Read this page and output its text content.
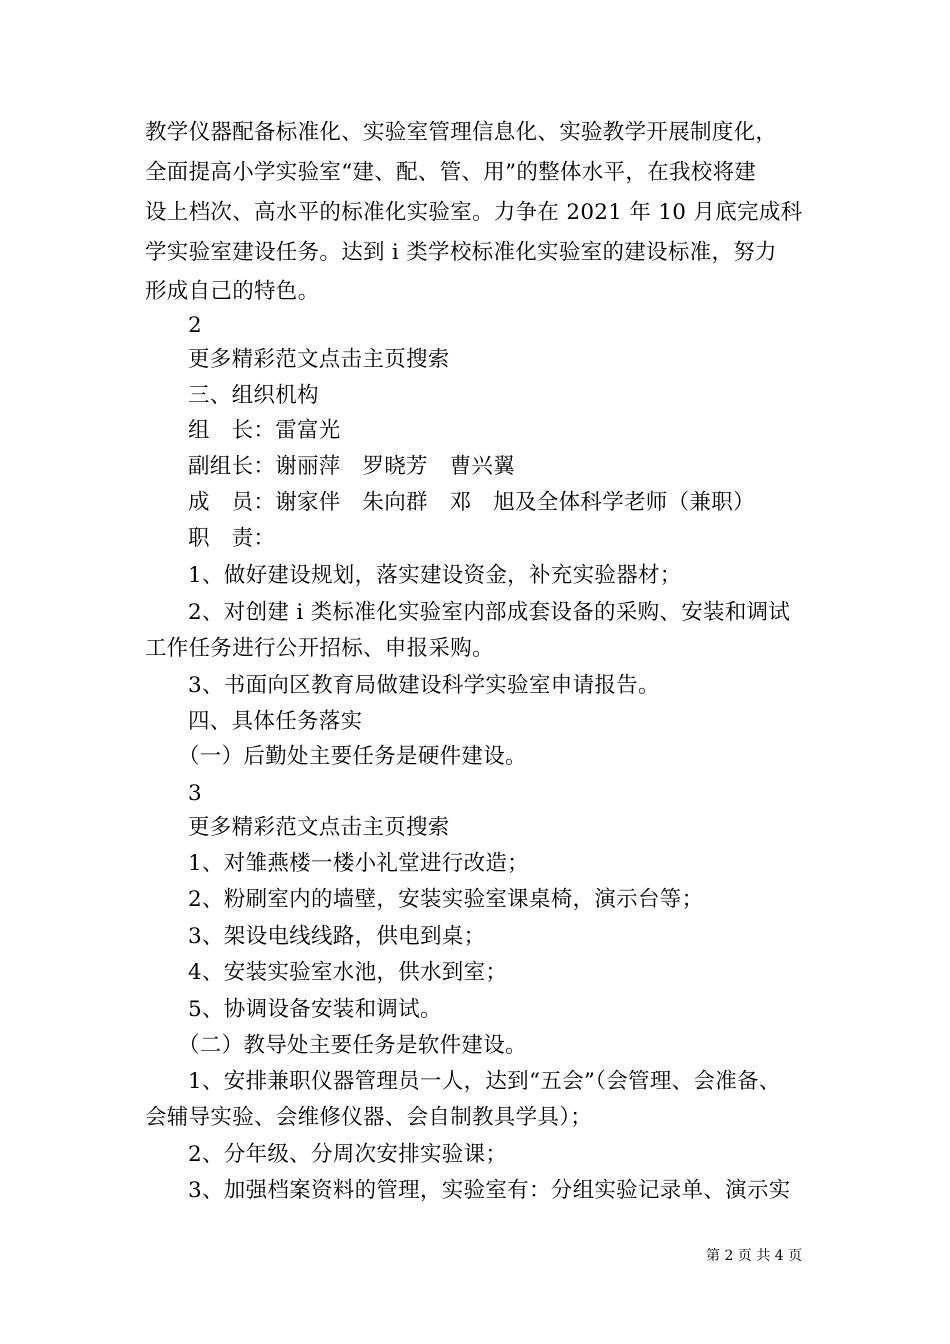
教学仪器配备标准化、实验室管理信息化、实验教学开展制度化，
全面提高小学实验室“建、配、管、用”的整体水平，在我校将建
设上档次、高水平的标准化实验室。力争在 2021 年 10 月底完成科
学实验室建设任务。达到 i 类学校标准化实验室的建设标准，努力
形成自己的特色。
2
更多精彩范文点击主页搜索
三、组织机构
组　长：雷富光
副组长：谢丽萍　罗晓芳　曹兴翼
成　员：谢家伴　朱向群　邓　旭及全体科学老师（兼职）
职　责：
1、做好建设规划，落实建设资金，补充实验器材；
2、对创建 i 类标准化实验室内部成套设备的采购、安装和调试
工作任务进行公开招标、申报采购。
3、书面向区教育局做建设科学实验室申请报告。
四、具体任务落实
（一）后勤处主要任务是硬件建设。
3
更多精彩范文点击主页搜索
1、对雏燕楼一楼小礼堂进行改造；
2、粉刷室内的墙壁，安装实验室课桌椅，演示台等；
3、架设电线线路，供电到桌；
4、安装实验室水池，供水到室；
5、协调设备安装和调试。
（二）教导处主要任务是软件建设。
1、安排兼职仪器管理员一人，达到“五会”（会管理、会准备、
会辅导实验、会维修仪器、会自制教具学具）；
2、分年级、分周次安排实验课；
3、加强档案资料的管理，实验室有：分组实验记录单、演示实
第 2 页 共 4 页
